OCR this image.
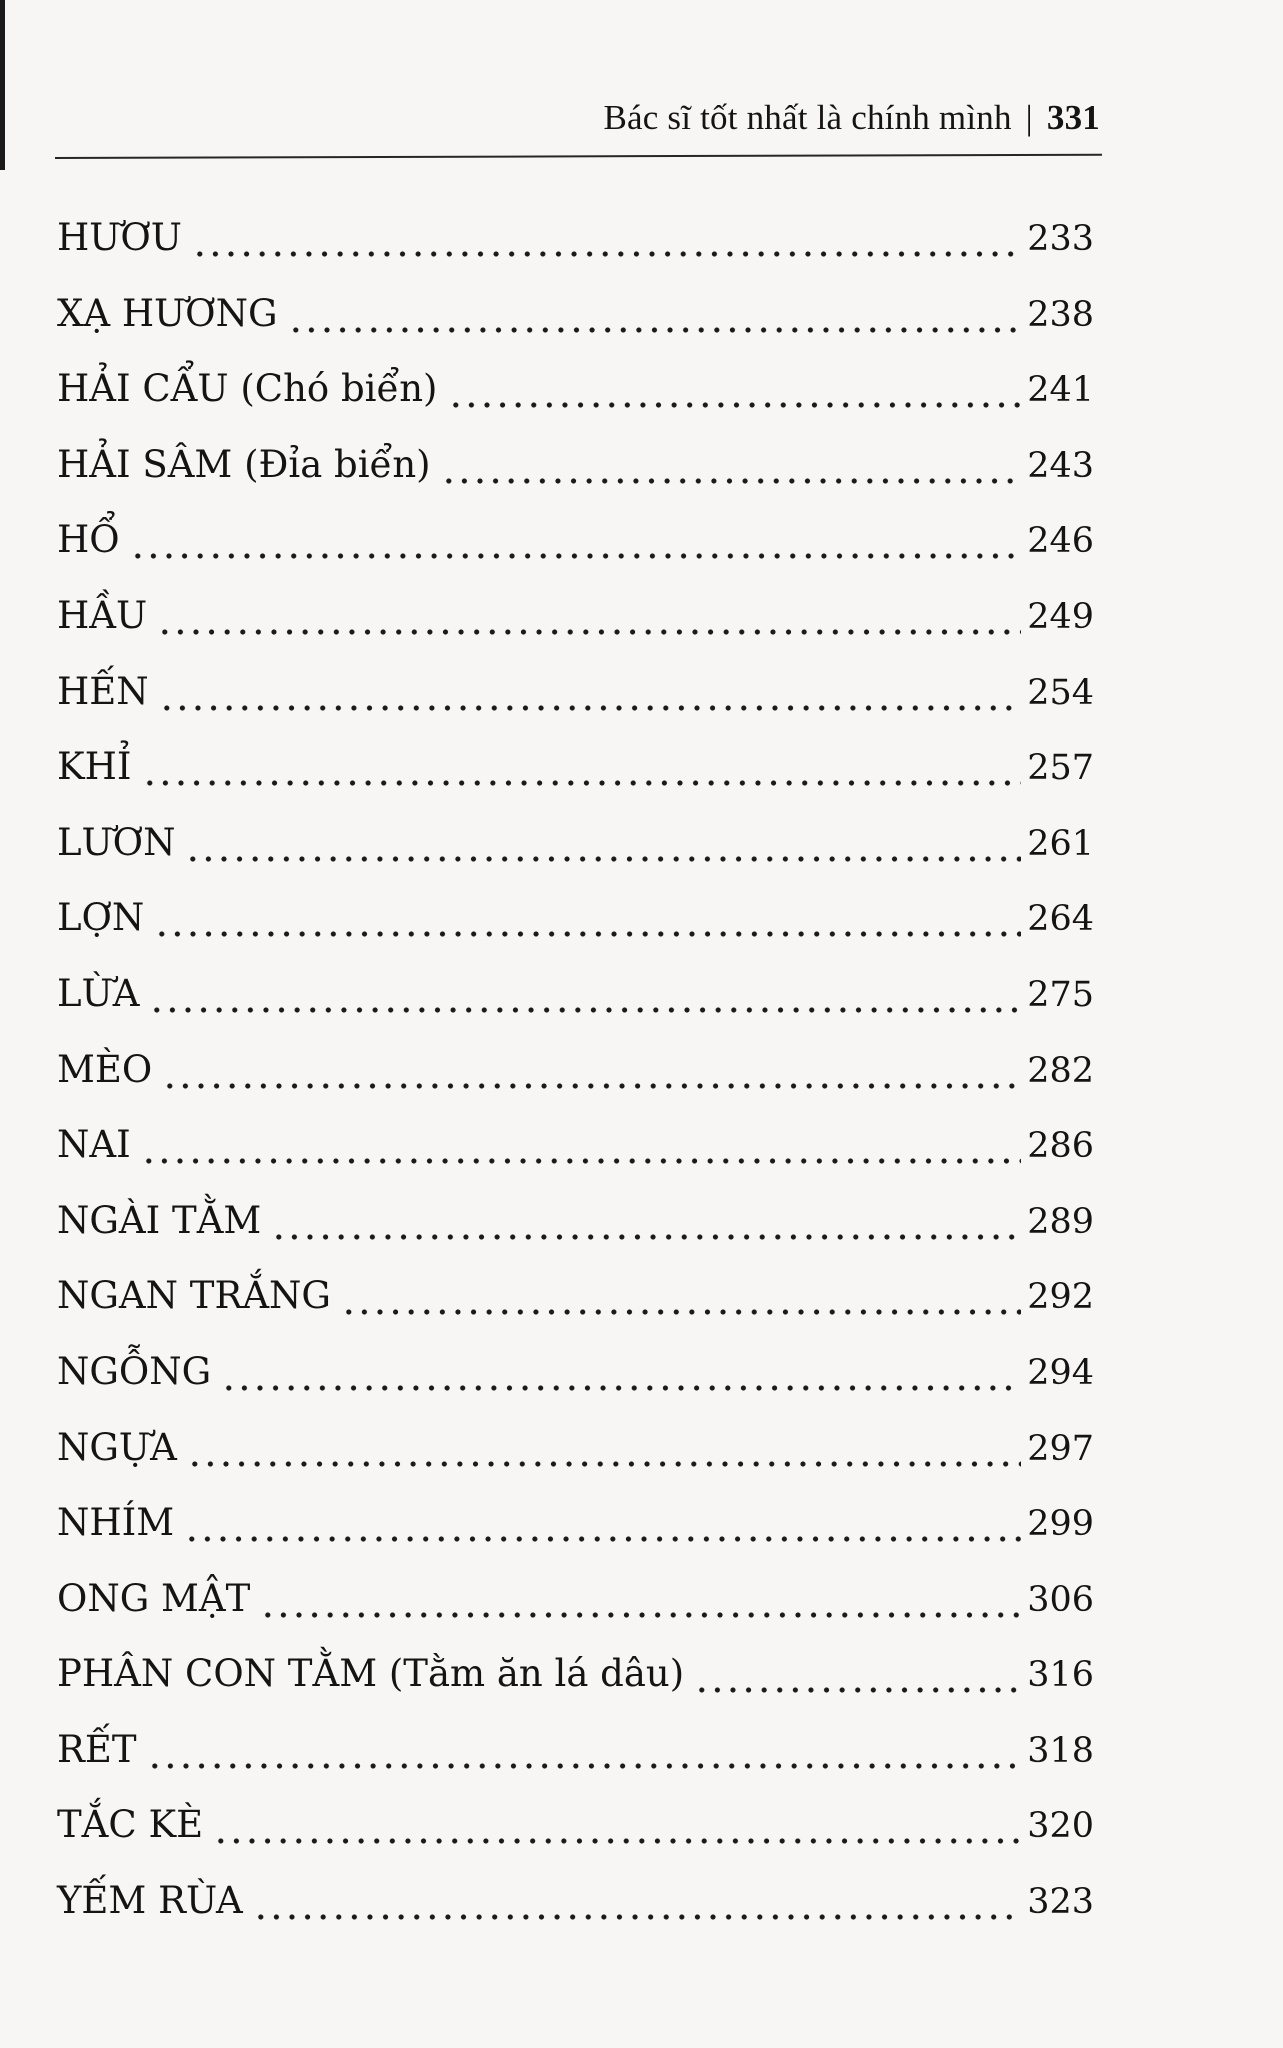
Bác sĩ tốt nhất là chính mình | 331
HƯƠU	233
XẠ HƯƠNG	238
HẢI CẨU (Chó biển)	241
HẢI SÂM (Đỉa biển)	243
HỔ	246
HẦU	249
HẾN	254
KHỈ	257
LƯƠN	261
LỢN	264
LỪA	275
MÈO	282
NAI	286
NGÀI TẰM	289
NGAN TRẮNG	292
NGỖNG	294
NGỰA	297
NHÍM	299
ONG MẬT	306
PHÂN CON TẰM (Tằm ăn lá dâu)	316
RẾT	318
TẮC KÈ	320
YẾM RÙA	323
